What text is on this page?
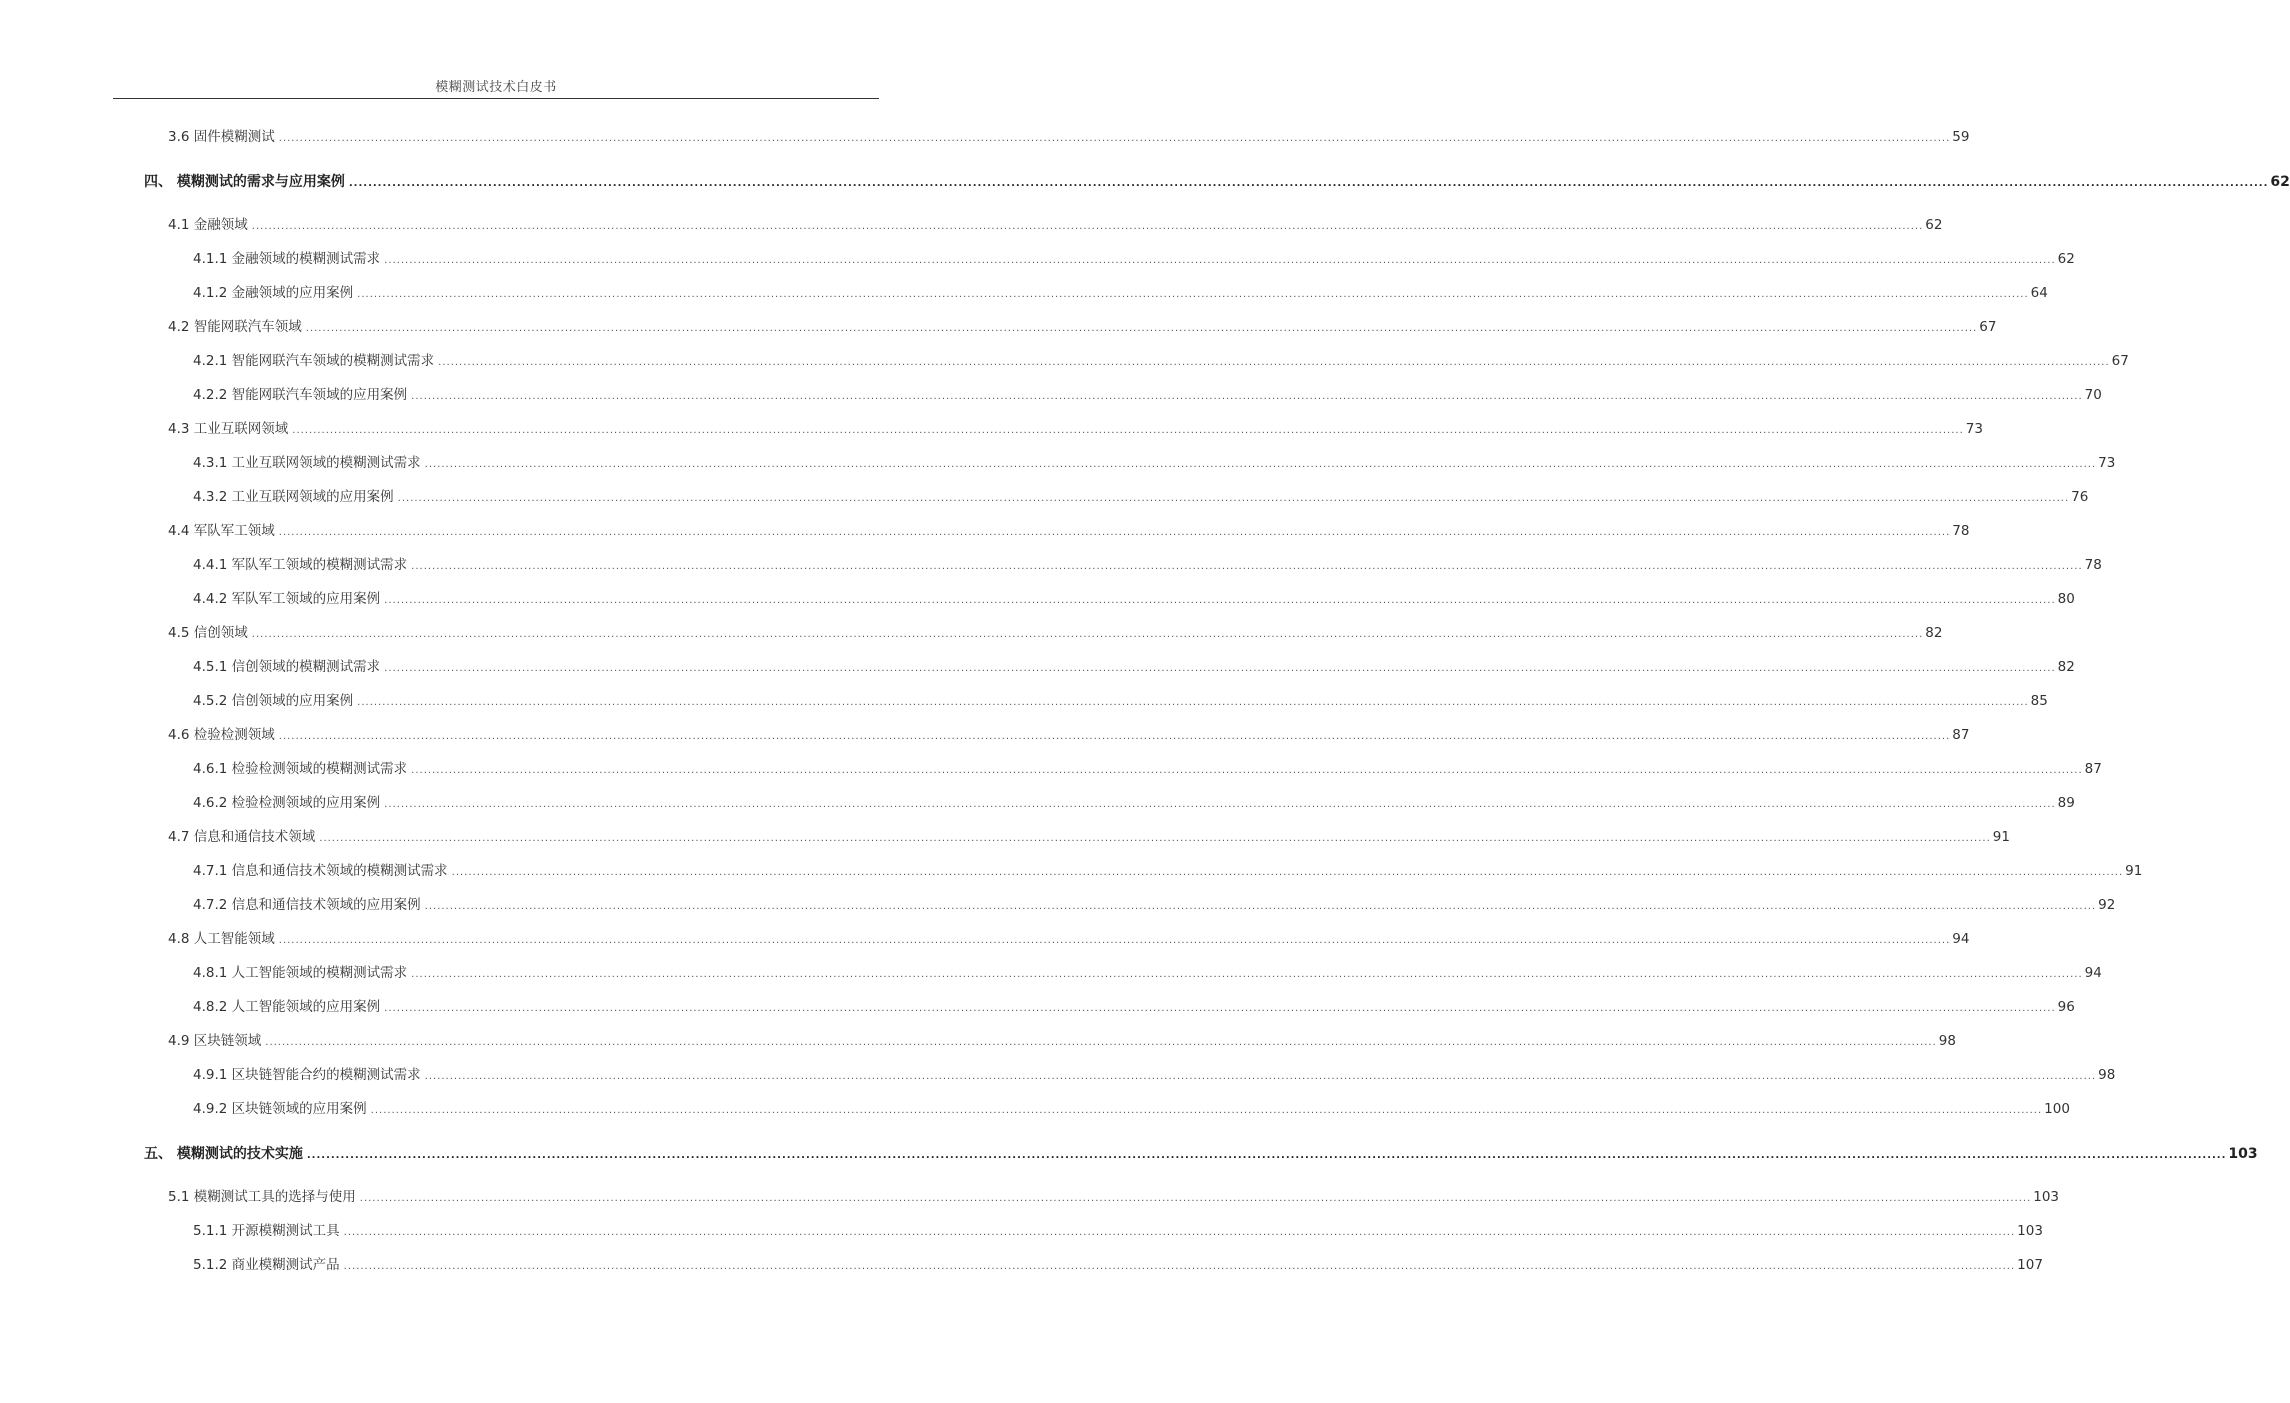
模糊测试技术白皮书
3.6 固件模糊测试 ................................................................................................................................................................................................................................................................................................................................................................................................................ 59
四、 模糊测试的需求与应用案例 ................................................................................................................................................................................................................................................................................................................................................................................................................ 62
4.1 金融领域 ................................................................................................................................................................................................................................................................................................................................................................................................................ 62
4.1.1 金融领域的模糊测试需求 ................................................................................................................................................................................................................................................................................................................................................................................................................ 62
4.1.2 金融领域的应用案例 ................................................................................................................................................................................................................................................................................................................................................................................................................ 64
4.2 智能网联汽车领域 ................................................................................................................................................................................................................................................................................................................................................................................................................ 67
4.2.1 智能网联汽车领域的模糊测试需求 ................................................................................................................................................................................................................................................................................................................................................................................................................ 67
4.2.2 智能网联汽车领域的应用案例 ................................................................................................................................................................................................................................................................................................................................................................................................................ 70
4.3 工业互联网领域 ................................................................................................................................................................................................................................................................................................................................................................................................................ 73
4.3.1 工业互联网领域的模糊测试需求 ................................................................................................................................................................................................................................................................................................................................................................................................................ 73
4.3.2 工业互联网领域的应用案例 ................................................................................................................................................................................................................................................................................................................................................................................................................ 76
4.4 军队军工领域 ................................................................................................................................................................................................................................................................................................................................................................................................................ 78
4.4.1 军队军工领域的模糊测试需求 ................................................................................................................................................................................................................................................................................................................................................................................................................ 78
4.4.2 军队军工领域的应用案例 ................................................................................................................................................................................................................................................................................................................................................................................................................ 80
4.5 信创领域 ................................................................................................................................................................................................................................................................................................................................................................................................................ 82
4.5.1 信创领域的模糊测试需求 ................................................................................................................................................................................................................................................................................................................................................................................................................ 82
4.5.2 信创领域的应用案例 ................................................................................................................................................................................................................................................................................................................................................................................................................ 85
4.6 检验检测领域 ................................................................................................................................................................................................................................................................................................................................................................................................................ 87
4.6.1 检验检测领域的模糊测试需求 ................................................................................................................................................................................................................................................................................................................................................................................................................ 87
4.6.2 检验检测领域的应用案例 ................................................................................................................................................................................................................................................................................................................................................................................................................ 89
4.7 信息和通信技术领域 ................................................................................................................................................................................................................................................................................................................................................................................................................ 91
4.7.1 信息和通信技术领域的模糊测试需求 ................................................................................................................................................................................................................................................................................................................................................................................................................ 91
4.7.2 信息和通信技术领域的应用案例 ................................................................................................................................................................................................................................................................................................................................................................................................................ 92
4.8 人工智能领域 ................................................................................................................................................................................................................................................................................................................................................................................................................ 94
4.8.1 人工智能领域的模糊测试需求 ................................................................................................................................................................................................................................................................................................................................................................................................................ 94
4.8.2 人工智能领域的应用案例 ................................................................................................................................................................................................................................................................................................................................................................................................................ 96
4.9 区块链领域 ................................................................................................................................................................................................................................................................................................................................................................................................................ 98
4.9.1 区块链智能合约的模糊测试需求 ................................................................................................................................................................................................................................................................................................................................................................................................................ 98
4.9.2 区块链领域的应用案例 ................................................................................................................................................................................................................................................................................................................................................................................................................ 100
五、 模糊测试的技术实施 ................................................................................................................................................................................................................................................................................................................................................................................................................ 103
5.1 模糊测试工具的选择与使用 ................................................................................................................................................................................................................................................................................................................................................................................................................ 103
5.1.1 开源模糊测试工具 ................................................................................................................................................................................................................................................................................................................................................................................................................ 103
5.1.2 商业模糊测试产品 ................................................................................................................................................................................................................................................................................................................................................................................................................ 107
